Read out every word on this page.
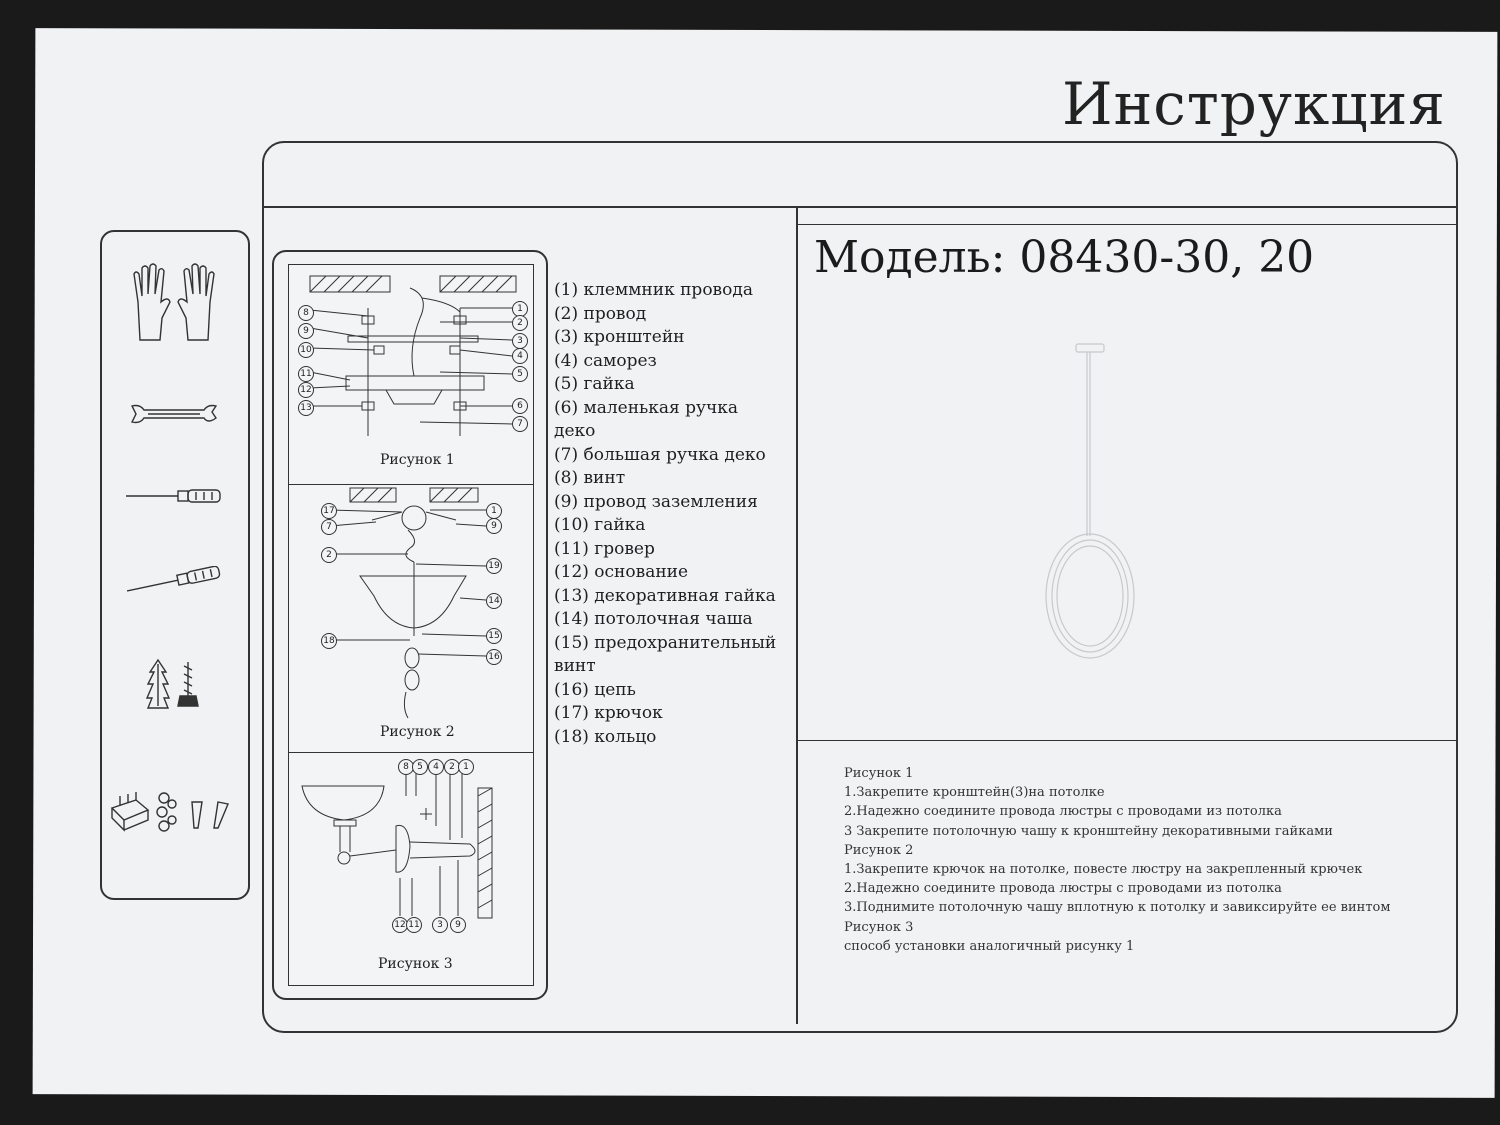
Инструкция
Рисунок 1
Рисунок 2
Рисунок 3
(1) клеммник провода
(2) провод
(3) кронштейн
(4) саморез
(5) гайка
(6) маленькая ручка деко
(7) большая ручка деко
(8) винт
(9) провод заземления
(10) гайка
(11) гровер
(12) основание
(13) декоративная гайка
(14) потолочная чаша
(15) предохранительный винт
(16) цепь
(17) крючок
(18) кольцо
Модель: 08430-30, 20
Рисунок 1
1.Закрепите кронштейн(3)на потолке
2.Надежно соедините провода люстры с проводами из потолка
3 Закрепите потолочную чашу к кронштейну декоративными гайками
Рисунок 2
1.Закрепите крючок на потолке, повесте люстру на закрепленный крючек
2.Надежно соедините провода люстры с проводами из потолка
3.Поднимите потолочную чашу вплотную к потолку и завиксируйте ее винтом
Рисунок 3
способ установки аналогичный рисунку 1
8
9
10
11
12
13
1
2
3
4
5
6
7
17
7
2
18
1
9
19
14
15
16
8 5	4	2 1
12 11	3	9
